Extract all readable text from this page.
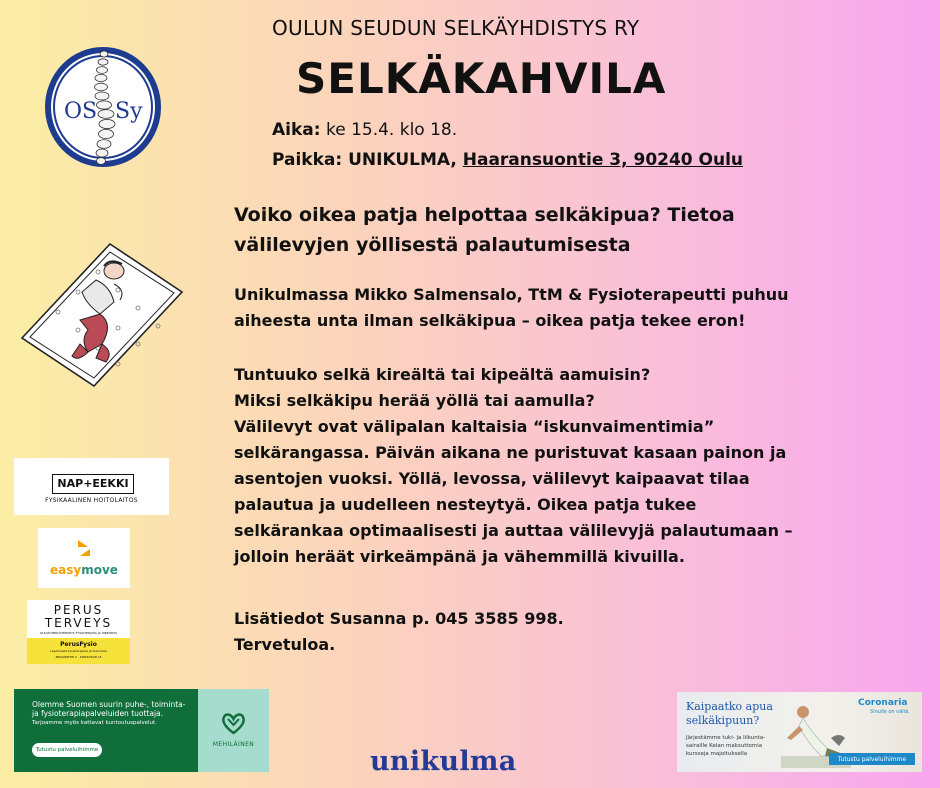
OULUN SEUDUN SELKÄYHDISTYS RY
SELKÄKAHVILA
OS Sy
Aika: ke 15.4. klo 18.
Paikka: UNIKULMA, Haaransuontie 3, 90240 Oulu
Voiko oikea patja helpottaa selkäkipua? Tietoa
välilevyjen yöllisestä palautumisesta
Unikulmassa Mikko Salmensalo, TtM & Fysioterapeutti puhuu
aiheesta unta ilman selkäkipua – oikea patja tekee eron!
Tuntuuko selkä kireältä tai kipeältä aamuisin?
Miksi selkäkipu herää yöllä tai aamulla?
Välilevyt ovat välipalan kaltaisia “iskunvaimentimia”
selkärangassa. Päivän aikana ne puristuvat kasaan painon ja
asentojen vuoksi. Yöllä, levossa, välilevyt kaipaavat tilaa
palautua ja uudelleen nesteytyä. Oikea patja tukee
selkärankaa optimaalisesti ja auttaa välilevyjä palautumaan –
jolloin heräät virkeämpänä ja vähemmillä kivuilla.
Lisätiedot Susanna p. 045 3585 998.
Tervetuloa.
NAP+EEKKI
FYSIKAALINEN HOITOLAITOS
easymove
PERUS
TERVEYS
OULUN PERUSTERVEYS FYSIOTERAPIA JA HIERONTA
PerusFysio
Laadukasta fysioterapiaa ja hierontaa
PIKKARINTIE 2 · KIRKKOKATU 8
Olemme Suomen suurin puhe-, toiminta-
ja fysioterapiapalveluiden tuottaja.
Tarjoamme myös kattavat kuntoutuspalvelut.
Tutustu palveluihimme
MEHILÄINEN
unikulma
Kaipaatko apua
selkäkipuun?
Järjestämme tuki- ja liikunta-
sairaille Kelan maksuttomia
kursseja majoituksella
Coronaria
Sinulle on väliä.
Tutustu palveluihimme
